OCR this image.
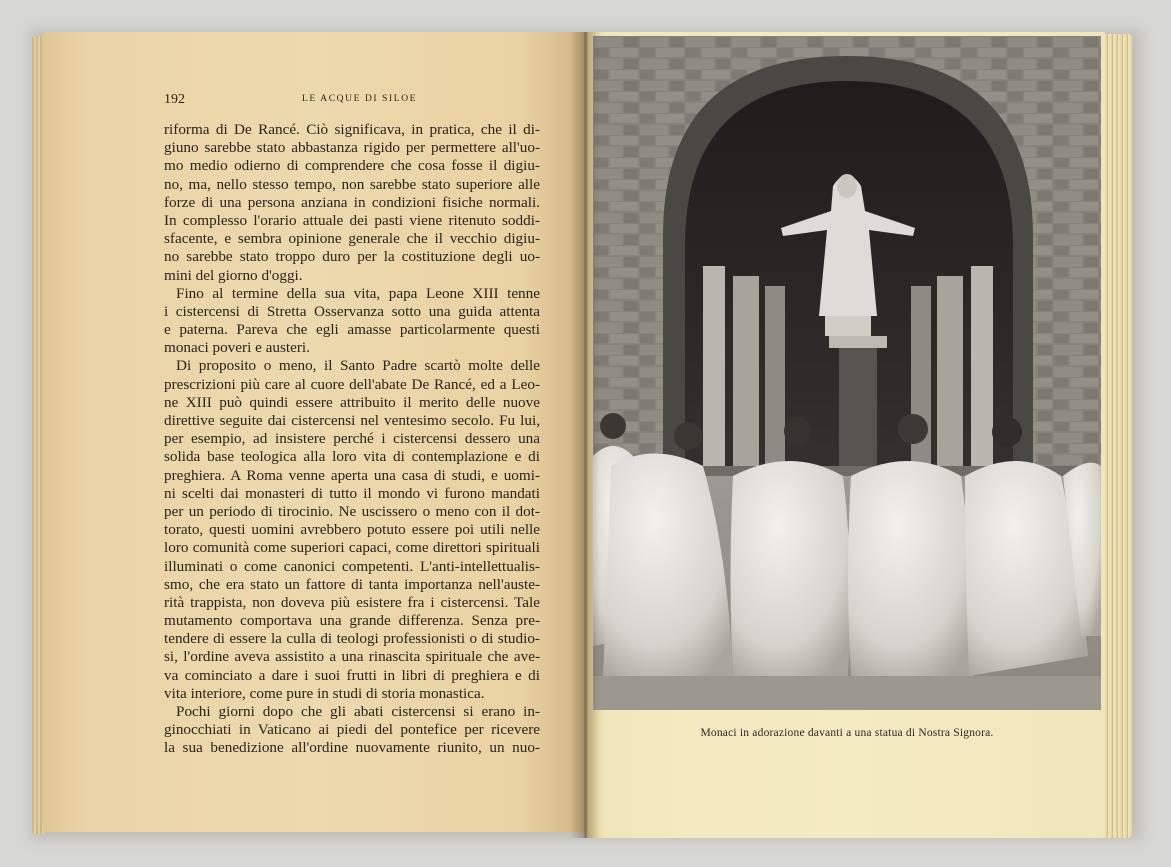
192	LE ACQUE DI SILOE
riforma di De Rancé. Ciò significava, in pratica, che il di-
giuno sarebbe stato abbastanza rigido per permettere all'uo-
mo medio odierno di comprendere che cosa fosse il digiu-
no, ma, nello stesso tempo, non sarebbe stato superiore alle
forze di una persona anziana in condizioni fisiche normali.
In complesso l'orario attuale dei pasti viene ritenuto soddi-
sfacente, e sembra opinione generale che il vecchio digiu-
no sarebbe stato troppo duro per la costituzione degli uo-
mini del giorno d'oggi.
Fino al termine della sua vita, papa Leone XIII tenne
i cistercensi di Stretta Osservanza sotto una guida attenta
e paterna. Pareva che egli amasse particolarmente questi
monaci poveri e austeri.
Di proposito o meno, il Santo Padre scartò molte delle
prescrizioni più care al cuore dell'abate De Rancé, ed a Leo-
ne XIII può quindi essere attribuito il merito delle nuove
direttive seguite dai cistercensi nel ventesimo secolo. Fu lui,
per esempio, ad insistere perché i cistercensi dessero una
solida base teologica alla loro vita di contemplazione e di
preghiera. A Roma venne aperta una casa di studi, e uomi-
ni scelti dai monasteri di tutto il mondo vi furono mandati
per un periodo di tirocinio. Ne uscissero o meno con il dot-
torato, questi uomini avrebbero potuto essere poi utili nelle
loro comunità come superiori capaci, come direttori spirituali
illuminati o come canonici competenti. L'anti-intellettualis-
smo, che era stato un fattore di tanta importanza nell'auste-
rità trappista, non doveva più esistere fra i cistercensi. Tale
mutamento comportava una grande differenza. Senza pre-
tendere di essere la culla di teologi professionisti o di studio-
si, l'ordine aveva assistito a una rinascita spirituale che ave-
va cominciato a dare i suoi frutti in libri di preghiera e di
vita interiore, come pure in studi di storia monastica.
Pochi giorni dopo che gli abati cistercensi si erano in-
ginocchiati in Vaticano ai piedi del pontefice per ricevere
la sua benedizione all'ordine nuovamente riunito, un nuo-
Monaci in adorazione davanti a una statua di Nostra Signora.
